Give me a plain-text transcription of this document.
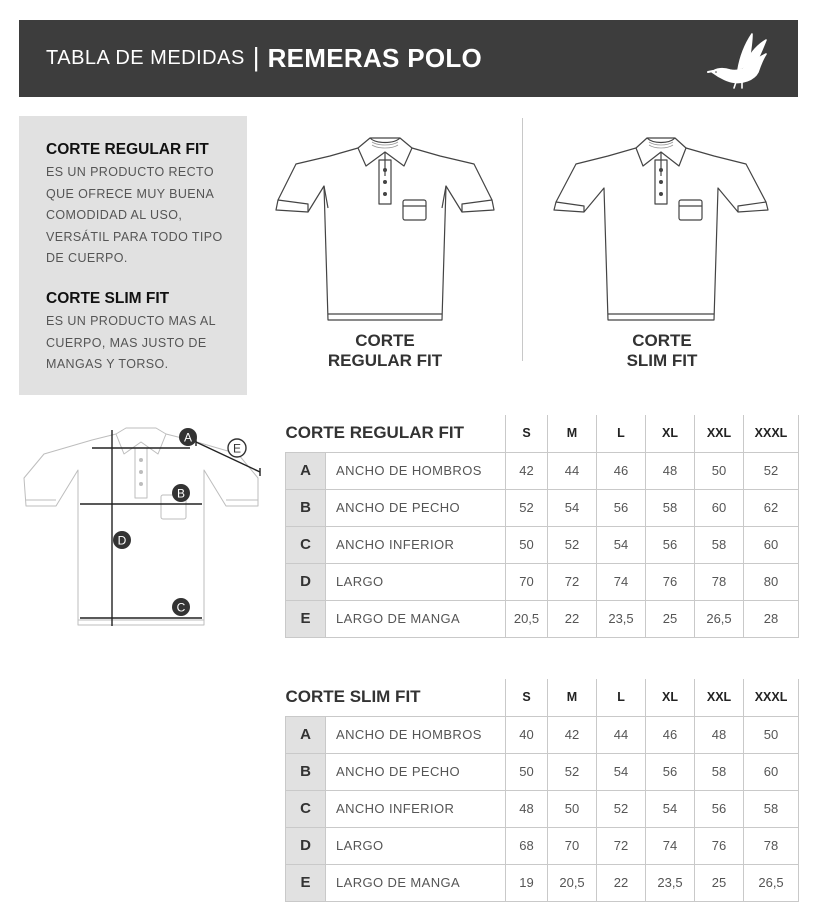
TABLA DE MEDIDAS | REMERAS POLO
CORTE REGULAR FIT
ES UN PRODUCTO RECTO QUE OFRECE MUY BUENA COMODIDAD AL USO, VERSÁTIL PARA TODO TIPO DE CUERPO.
CORTE SLIM FIT
ES UN PRODUCTO MAS AL CUERPO, MAS JUSTO DE MANGAS Y TORSO.
CORTE
REGULAR FIT
CORTE
SLIM FIT
A
B
C
D
E
CORTE REGULAR FIT		S	M	L	XL	XXL	XXXL
A	ANCHO DE HOMBROS	42	44	46	48	50	52
B	ANCHO DE PECHO	52	54	56	58	60	62
C	ANCHO INFERIOR	50	52	54	56	58	60
D	LARGO	70	72	74	76	78	80
E	LARGO DE MANGA	20,5	22	23,5	25	26,5	28
CORTE SLIM FIT		S	M	L	XL	XXL	XXXL
A	ANCHO DE HOMBROS	40	42	44	46	48	50
B	ANCHO DE PECHO	50	52	54	56	58	60
C	ANCHO INFERIOR	48	50	52	54	56	58
D	LARGO	68	70	72	74	76	78
E	LARGO DE MANGA	19	20,5	22	23,5	25	26,5
